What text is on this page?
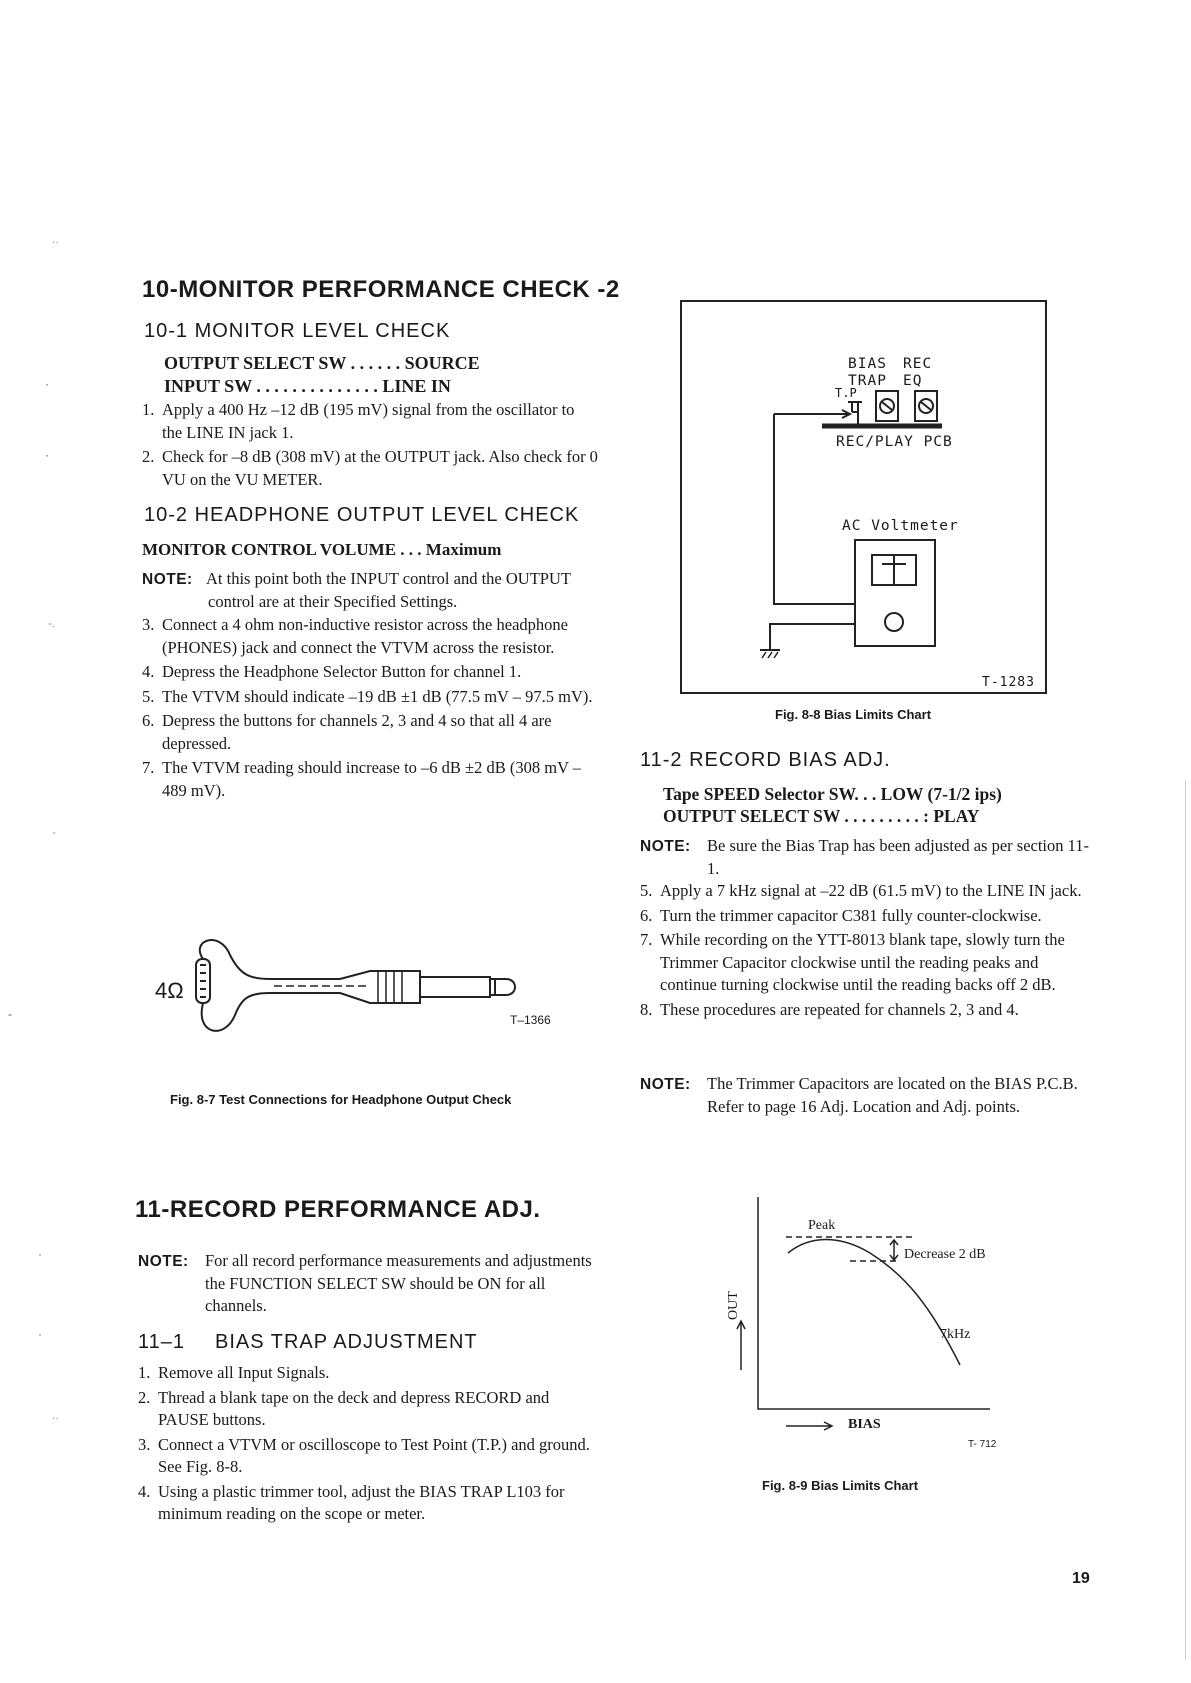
10-MONITOR PERFORMANCE CHECK -2
10-1 MONITOR LEVEL CHECK
OUTPUT SELECT SW . . . . . . SOURCE
INPUT SW . . . . . . . . . . . . . . LINE IN
1. Apply a 400 Hz –12 dB (195 mV) signal from the oscillator to the LINE IN jack 1.
2. Check for –8 dB (308 mV) at the OUTPUT jack. Also check for 0 VU on the VU METER.
10-2 HEADPHONE OUTPUT LEVEL CHECK
MONITOR CONTROL VOLUME . . . Maximum
NOTE: At this point both the INPUT control and the OUTPUT control are at their Specified Settings.
3. Connect a 4 ohm non-inductive resistor across the headphone (PHONES) jack and connect the VTVM across the resistor.
4. Depress the Headphone Selector Button for channel 1.
5. The VTVM should indicate –19 dB ±1 dB (77.5 mV – 97.5 mV).
6. Depress the buttons for channels 2, 3 and 4 so that all 4 are depressed.
7. The VTVM reading should increase to –6 dB ±2 dB (308 mV – 489 mV).
4Ω
T–1366
Fig. 8-7 Test Connections for Headphone Output Check
11-RECORD PERFORMANCE ADJ.
NOTE: For all record performance measurements and adjustments the FUNCTION SELECT SW should be ON for all channels.
11–1 BIAS TRAP ADJUSTMENT
1. Remove all Input Signals.
2. Thread a blank tape on the deck and depress RECORD and PAUSE buttons.
3. Connect a VTVM or oscilloscope to Test Point (T.P.) and ground. See Fig. 8-8.
4. Using a plastic trimmer tool, adjust the BIAS TRAP L103 for minimum reading on the scope or meter.
BIAS
TRAP
REC
EQ
T.P
REC/PLAY PCB
AC Voltmeter
T-1283
Fig. 8-8 Bias Limits Chart
11-2 RECORD BIAS ADJ.
Tape SPEED Selector SW. . . LOW (7-1/2 ips)
OUTPUT SELECT SW . . . . . . . . . : PLAY
NOTE: Be sure the Bias Trap has been adjusted as per section 11-1.
5. Apply a 7 kHz signal at –22 dB (61.5 mV) to the LINE IN jack.
6. Turn the trimmer capacitor C381 fully counter-clockwise.
7. While recording on the YTT-8013 blank tape, slowly turn the Trimmer Capacitor clockwise until the reading peaks and continue turning clockwise until the reading backs off 2 dB.
8. These procedures are repeated for channels 2, 3 and 4.
NOTE: The Trimmer Capacitors are located on the BIAS P.C.B. Refer to page 16 Adj. Location and Adj. points.
Peak
Decrease 2 dB
7kHz
BIAS
OUT
T- 712
Fig. 8-9 Bias Limits Chart
19
..
·
·
-.
-
-
·
·
..
